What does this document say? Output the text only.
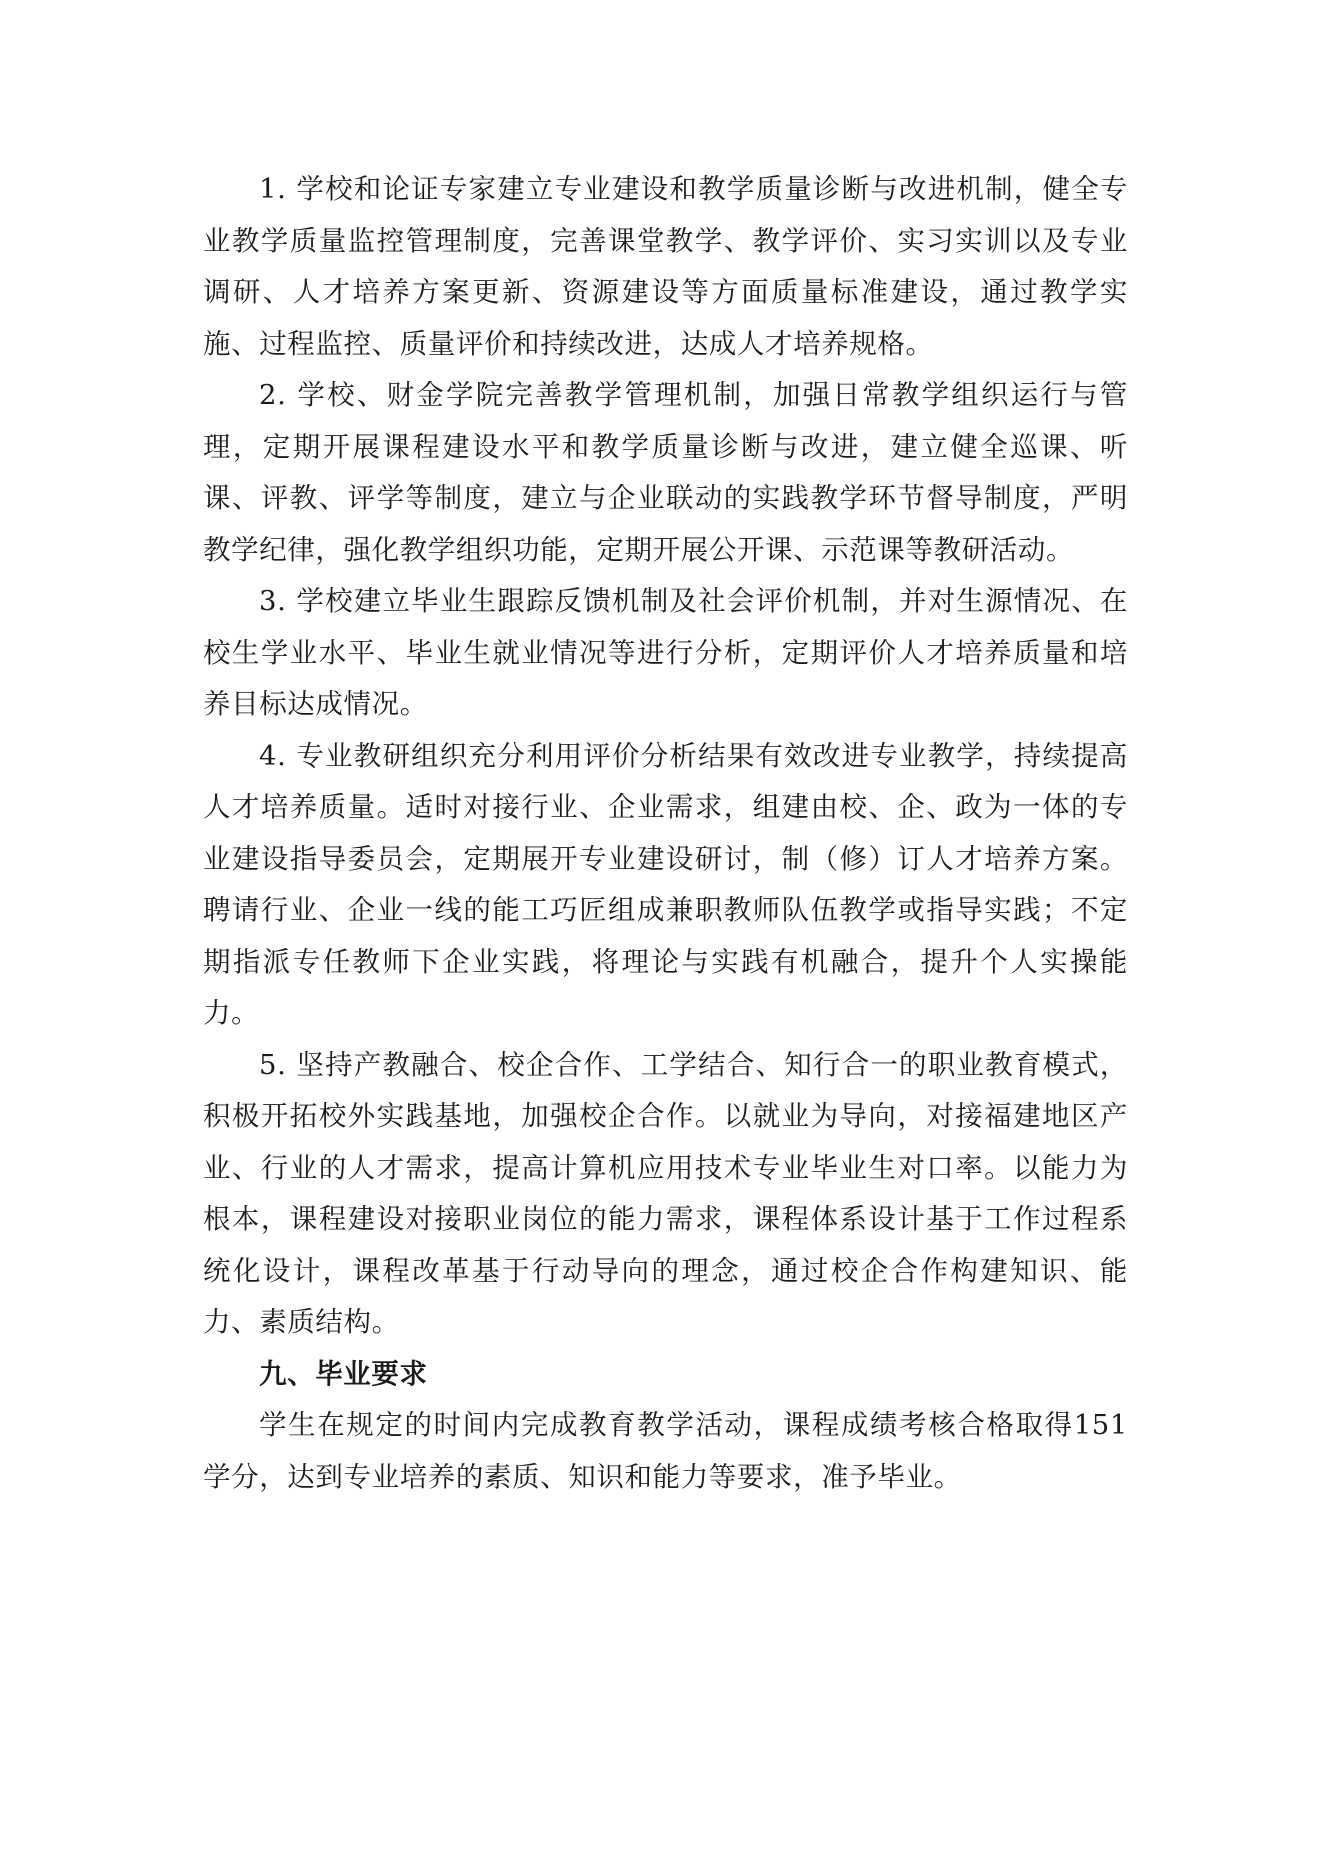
1. 学校和论证专家建立专业建设和教学质量诊断与改进机制，健全专业教学质量监控管理制度，完善课堂教学、教学评价、实习实训以及专业调研、人才培养方案更新、资源建设等方面质量标准建设，通过教学实施、过程监控、质量评价和持续改进，达成人才培养规格。

2. 学校、财金学院完善教学管理机制，加强日常教学组织运行与管理，定期开展课程建设水平和教学质量诊断与改进，建立健全巡课、听课、评教、评学等制度，建立与企业联动的实践教学环节督导制度，严明教学纪律，强化教学组织功能，定期开展公开课、示范课等教研活动。

3. 学校建立毕业生跟踪反馈机制及社会评价机制，并对生源情况、在校生学业水平、毕业生就业情况等进行分析，定期评价人才培养质量和培养目标达成情况。

4. 专业教研组织充分利用评价分析结果有效改进专业教学，持续提高人才培养质量。适时对接行业、企业需求，组建由校、企、政为一体的专业建设指导委员会，定期展开专业建设研讨，制（修）订人才培养方案。聘请行业、企业一线的能工巧匠组成兼职教师队伍教学或指导实践；不定期指派专任教师下企业实践，将理论与实践有机融合，提升个人实操能力。

5. 坚持产教融合、校企合作、工学结合、知行合一的职业教育模式，积极开拓校外实践基地，加强校企合作。以就业为导向，对接福建地区产业、行业的人才需求，提高计算机应用技术专业毕业生对口率。以能力为根本，课程建设对接职业岗位的能力需求，课程体系设计基于工作过程系统化设计，课程改革基于行动导向的理念，通过校企合作构建知识、能力、素质结构。

九、毕业要求

学生在规定的时间内完成教育教学活动，课程成绩考核合格取得151 学分，达到专业培养的素质、知识和能力等要求，准予毕业。
